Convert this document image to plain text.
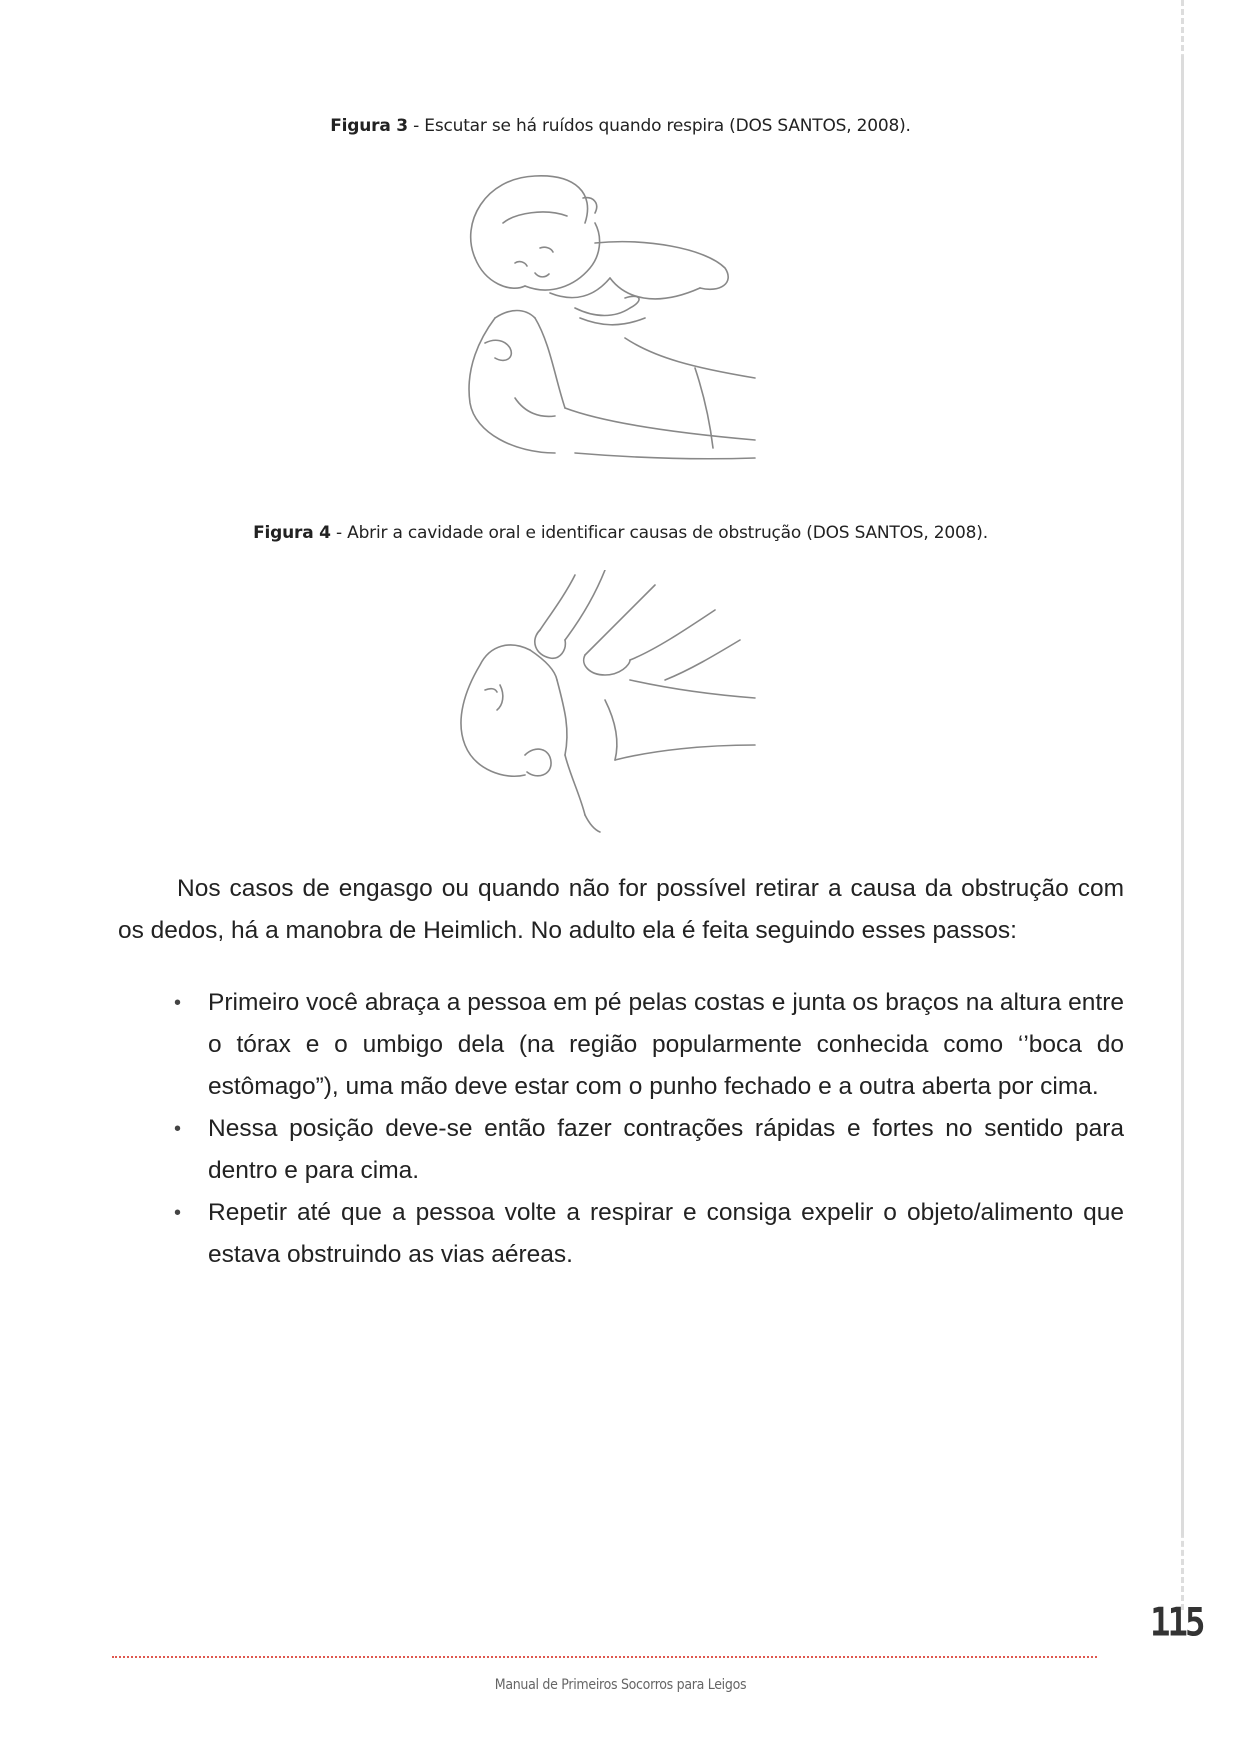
Figura 3 - Escutar se há ruídos quando respira (DOS SANTOS, 2008).
Figura 4 - Abrir a cavidade oral e identificar causas de obstrução (DOS SANTOS, 2008).

Nos casos de engasgo ou quando não for possível retirar a causa da obstrução com os dedos, há a manobra de Heimlich. No adulto ela é feita seguindo esses passos:

• Primeiro você abraça a pessoa em pé pelas costas e junta os braços na altura entre o tórax e o umbigo dela (na região popularmente conhecida como ‘’boca do estômago”), uma mão deve estar com o punho fechado e a outra aberta por cima.
• Nessa posição deve-se então fazer contrações rápidas e fortes no sentido para dentro e para cima.
• Repetir até que a pessoa volte a respirar e consiga expelir o objeto/alimento que estava obstruindo as vias aéreas.
115
Manual de Primeiros Socorros para Leigos
